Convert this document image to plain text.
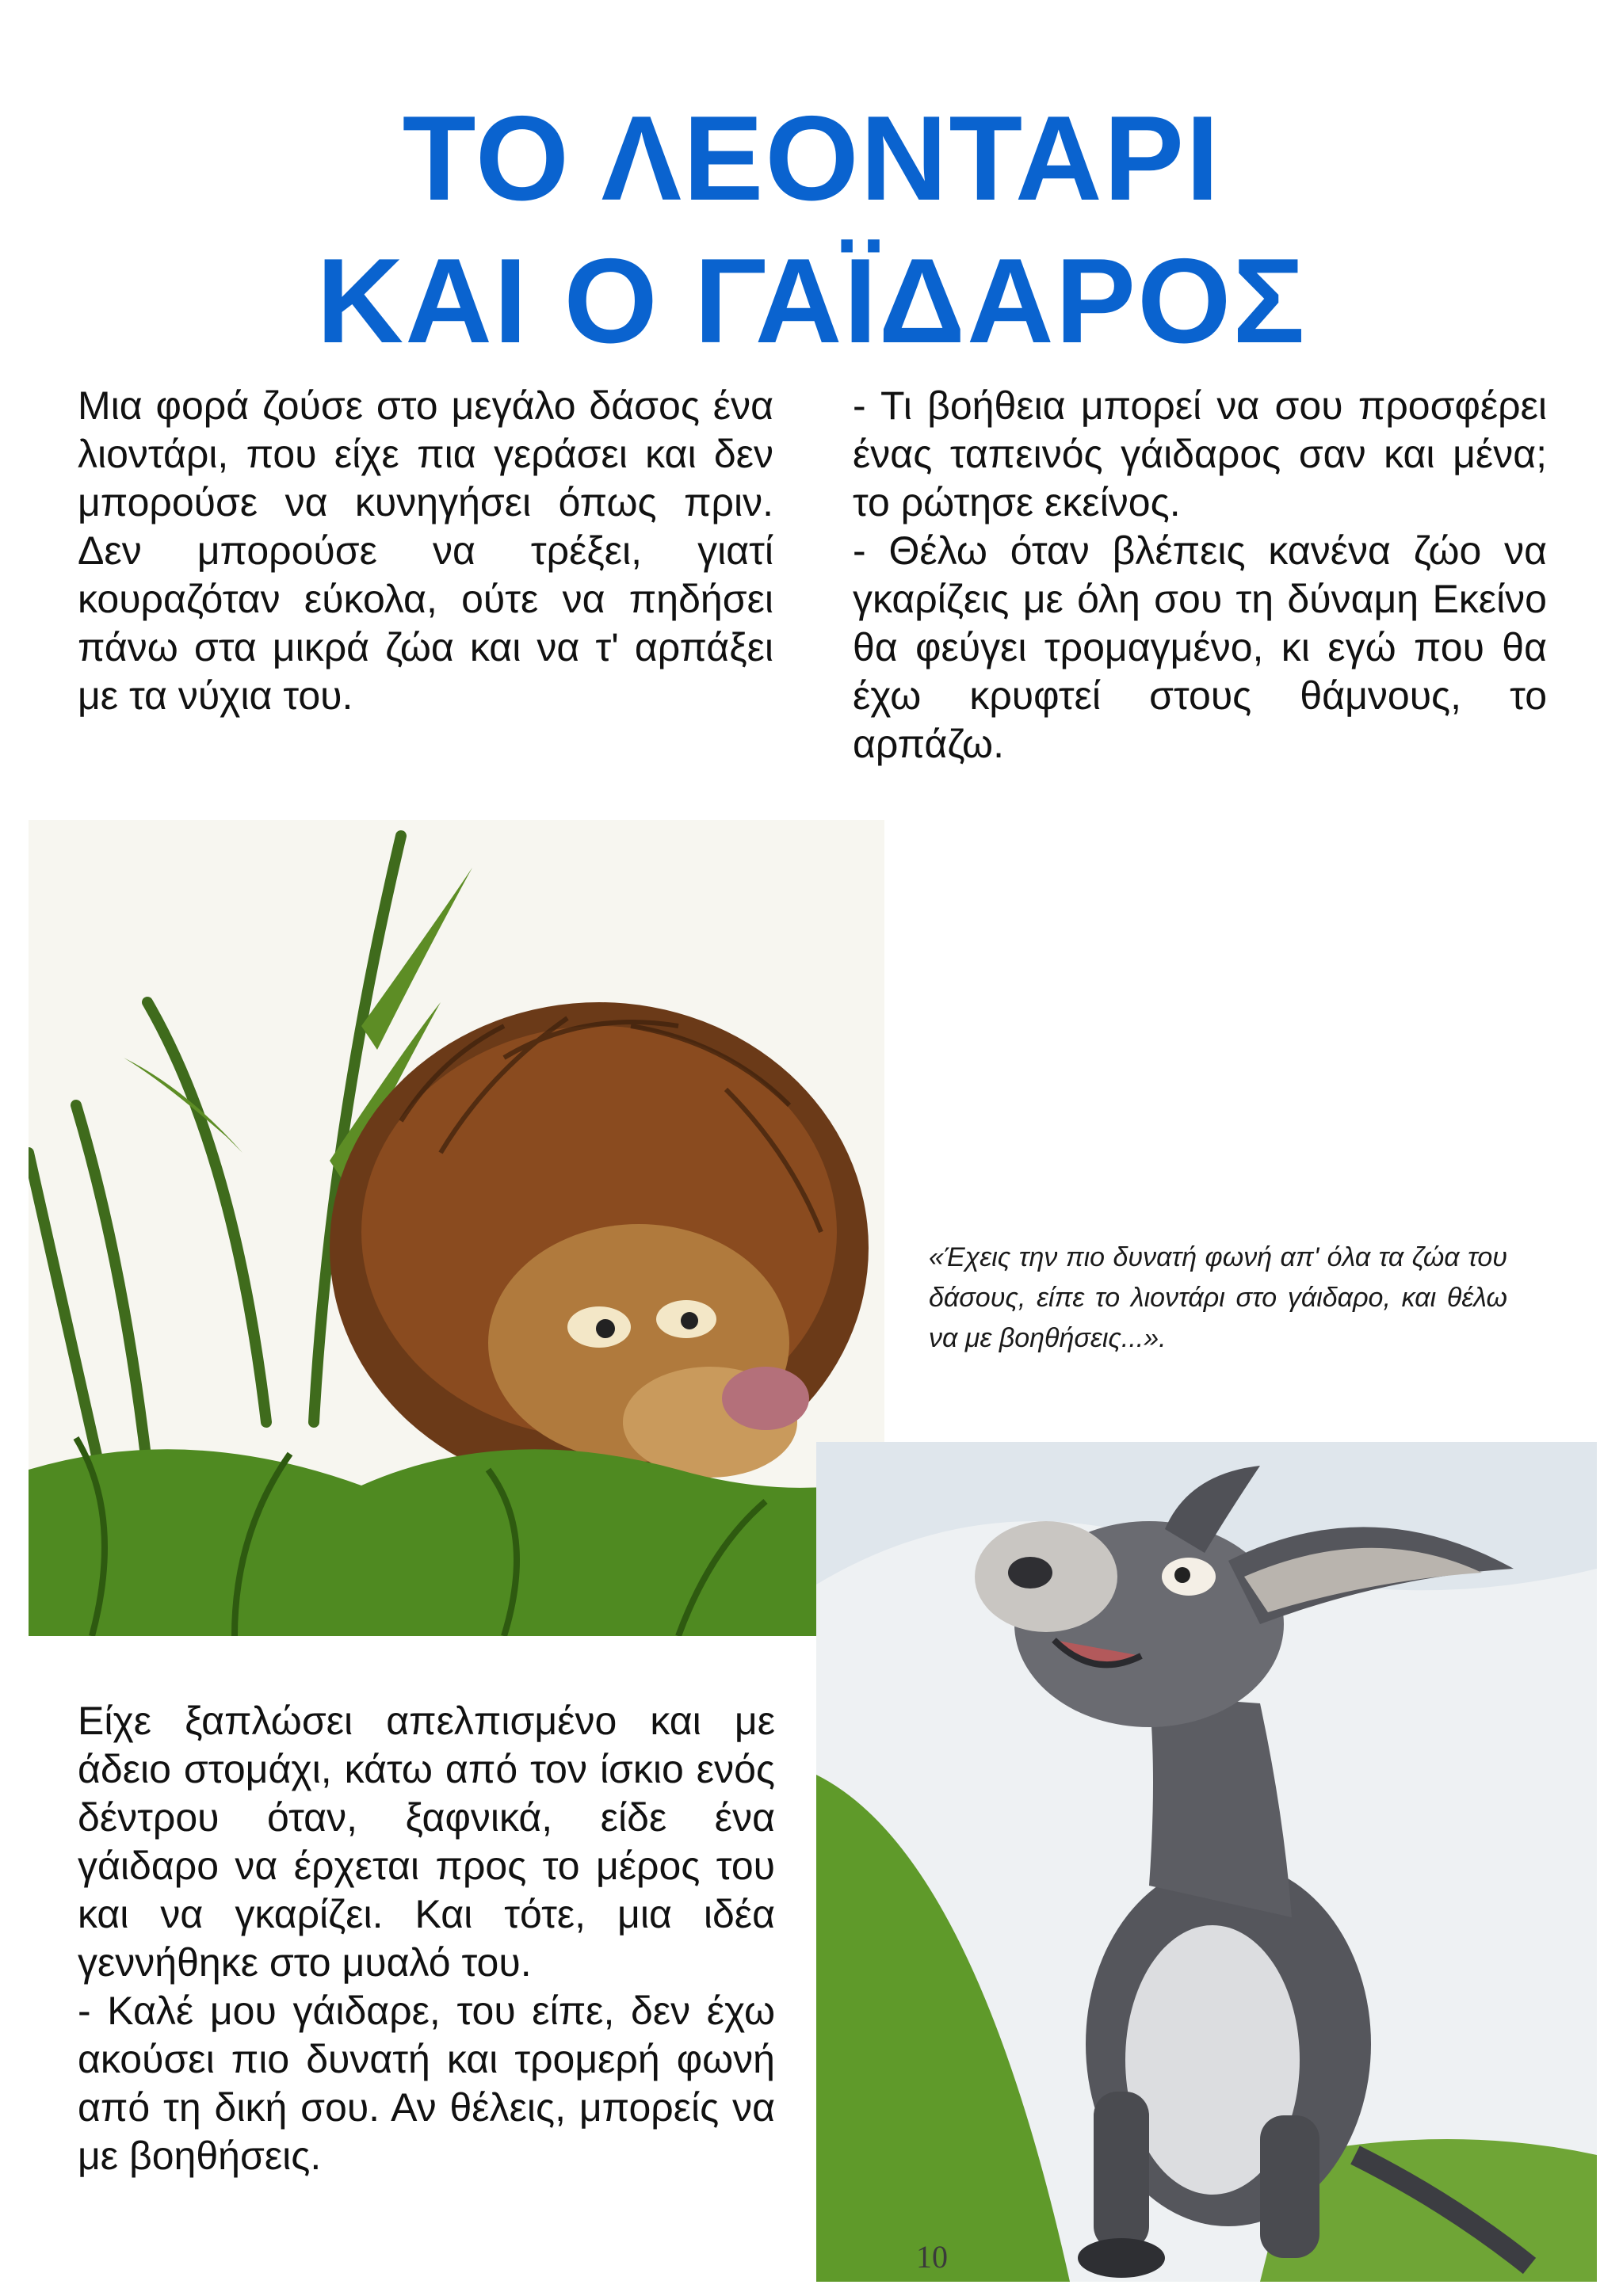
ΤΟ ΛΕΟΝΤΑΡΙ
ΚΑΙ Ο ΓΑΪΔΑΡΟΣ

Μια φορά ζούσε στο μεγάλο δάσος ένα λιοντάρι, που είχε πια γεράσει και δεν μπορούσε να κυνηγήσει όπως πριν. Δεν μπορούσε να τρέξει, γιατί κουραζόταν εύκολα, ούτε να πηδήσει πάνω στα μικρά ζώα και να τ' αρπάξει με τα νύχια του.

- Τι βοήθεια μπορεί να σου προσφέρει ένας ταπεινός γάιδαρος σαν και μένα; το ρώτησε εκείνος.

- Θέλω όταν βλέπεις κανένα ζώο να γκαρίζεις με όλη σου τη δύναμη Εκείνο θα φεύγει τρομαγμένο, κι εγώ που θα έχω κρυφτεί στους θάμνους, το αρπάζω.

«Έχεις την πιο δυνατή φωνή απ' όλα τα ζώα του δάσους, είπε το λιοντάρι στο γάιδαρο, και θέλω να με βοηθήσεις...».

Είχε ξαπλώσει απελπισμένο και με άδειο στομάχι, κάτω από τον ίσκιο ενός δέντρου όταν, ξαφνικά, είδε ένα γάιδαρο να έρχεται προς το μέρος του και να γκαρίζει. Και τότε, μια ιδέα γεννήθηκε στο μυαλό του.

- Καλέ μου γάιδαρε, του είπε, δεν έχω ακούσει πιο δυνατή και τρομερή φωνή από τη δική σου. Αν θέλεις, μπορείς να με βοηθήσεις.

10
